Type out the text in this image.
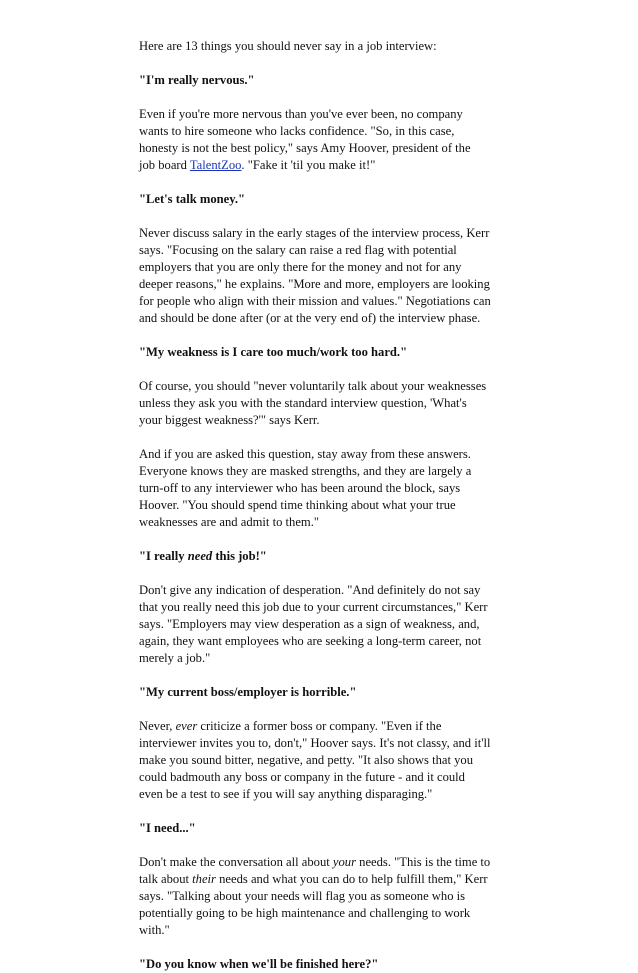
Here are 13 things you should never say in a job interview:

"I'm really nervous."

Even if you're more nervous than you've ever been, no company
wants to hire someone who lacks confidence. "So, in this case,
honesty is not the best policy," says Amy Hoover, president of the
job board TalentZoo. "Fake it 'til you make it!"

"Let's talk money."

Never discuss salary in the early stages of the interview process, Kerr
says. "Focusing on the salary can raise a red flag with potential
employers that you are only there for the money and not for any
deeper reasons," he explains. "More and more, employers are looking
for people who align with their mission and values." Negotiations can
and should be done after (or at the very end of) the interview phase.

"My weakness is I care too much/work too hard."

Of course, you should "never voluntarily talk about your weaknesses
unless they ask you with the standard interview question, 'What's
your biggest weakness?'" says Kerr.

And if you are asked this question, stay away from these answers.
Everyone knows they are masked strengths, and they are largely a
turn-off to any interviewer who has been around the block, says
Hoover. "You should spend time thinking about what your true
weaknesses are and admit to them."

"I really need this job!"

Don't give any indication of desperation. "And definitely do not say
that you really need this job due to your current circumstances," Kerr
says. "Employers may view desperation as a sign of weakness, and,
again, they want employees who are seeking a long-term career, not
merely a job."

"My current boss/employer is horrible."

Never, ever criticize a former boss or company. "Even if the
interviewer invites you to, don't," Hoover says. It's not classy, and it'll
make you sound bitter, negative, and petty. "It also shows that you
could badmouth any boss or company in the future - and it could
even be a test to see if you will say anything disparaging."

"I need..."

Don't make the conversation all about your needs. "This is the time to
talk about their needs and what you can do to help fulfill them," Kerr
says. "Talking about your needs will flag you as someone who is
potentially going to be high maintenance and challenging to work
with."

"Do you know when we'll be finished here?"
